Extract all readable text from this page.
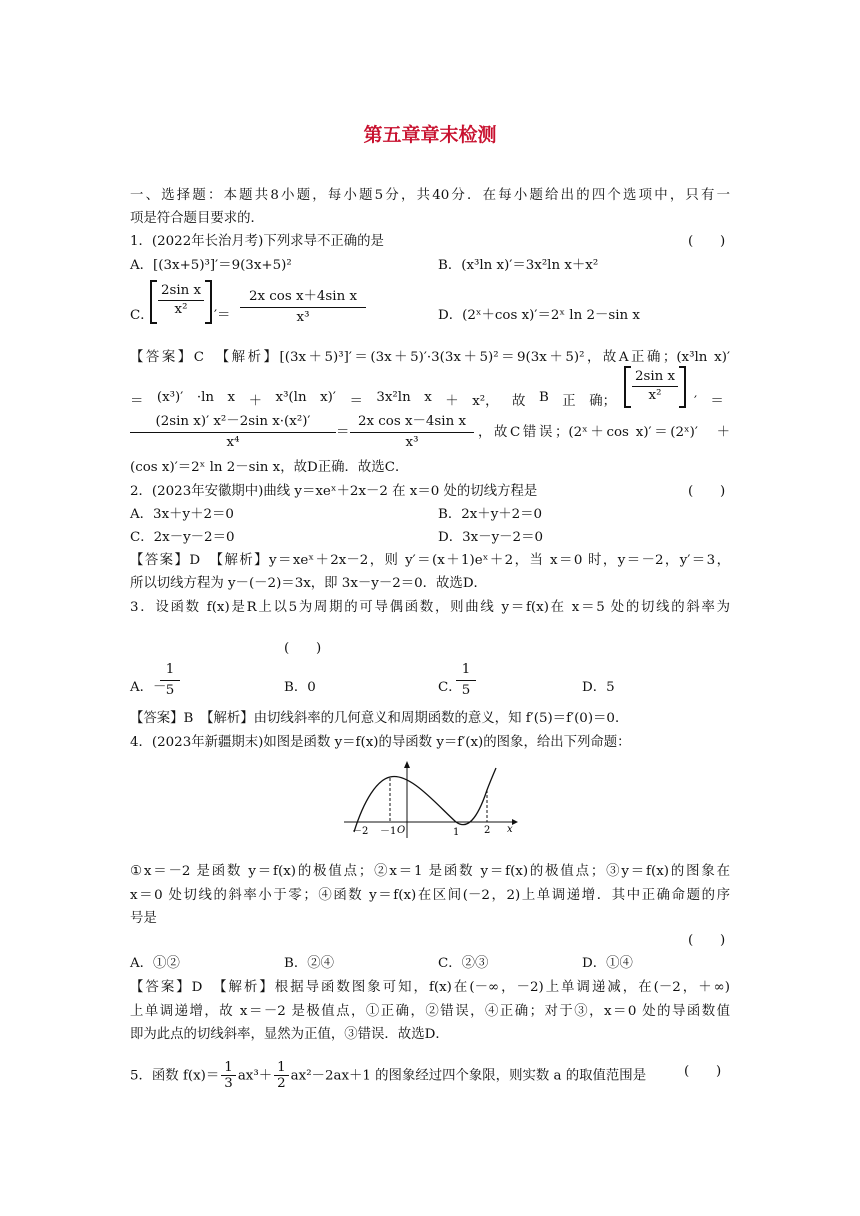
第五章章末检测
一、选择题：本题共8小题，每小题5分，共40分．在每小题给出的四个选项中，只有一
项是符合题目要求的．
1．(2022年长治月考)下列求导不正确的是	(　　)
A．[(3x+5)³]′＝9(3x+5)²	B．(x³ln x)′＝3x²ln x＋x²
C． $\frac{\text{2sin x}}{\text{x²}}$ ′＝ $\frac{\text{2x cos x＋4sin x}}{\text{x³}}$	D．(2ˣ＋cos x)′＝2ˣ ln 2－sin x
【答案】C　【解析】[(3x＋5)³]′＝(3x＋5)′·3(3x＋5)²＝9(3x＋5)²，故A正确；(x³ln x)′
＝ (x³)′ ·ln x ＋ x³(ln x)′ ＝ 3x²ln x ＋ x²， 故 B 正 确；
2sin x
x²	′　＝
$\frac{\text{(2sin x)′ x²－2sin x·(x²)′}}{\text{x⁴}} = \frac{\text{2x cos x－4sin x}}{\text{x³}}$ ，故C错误；(2ˣ＋cos x)′＝(2ˣ)′　＋
(cos x)′＝2ˣ ln 2－sin x，故D正确．故选C．
2．(2023年安徽期中)曲线 y＝xeˣ＋2x－2 在 x＝0 处的切线方程是	(　　)
A．3x＋y＋2＝0	B．2x＋y＋2＝0
C．2x－y－2＝0	D．3x－y－2＝0
【答案】D　【解析】y＝xeˣ＋2x－2，则 y′＝(x＋1)eˣ＋2，当 x＝0 时，y＝－2，y′＝3，
所以切线方程为 y－(－2)＝3x，即 3x－y－2＝0．故选D．
3．设函数 f(x)是R上以5为周期的可导偶函数，则曲线 y＝f(x)在 x＝5 处的切线的斜率为
(　　)
A．－
1
5	B．0	C．
1
5	D．5
【答案】B　【解析】由切线斜率的几何意义和周期函数的意义，知 f′(5)＝f′(0)＝0．
4．(2023年新疆期末)如图是函数 y＝f(x)的导函数 y＝f′(x)的图象，给出下列命题：
－2 －1 O	1 2 x
①x＝－2 是函数 y＝f(x)的极值点；②x＝1 是函数 y＝f(x)的极值点；③y＝f(x)的图象在
x＝0 处切线的斜率小于零；④函数 y＝f(x)在区间(－2，2)上单调递增．其中正确命题的序
号是
(　　)
A．①②	B．②④	C．②③	D．①④
【答案】D　【解析】根据导函数图象可知，f(x)在(－∞，－2)上单调递减，在(－2，＋∞)
上单调递增，故 x＝－2 是极值点，①正确，②错误，④正确；对于③，x＝0 处的导函数值
即为此点的切线斜率，显然为正值，③错误．故选D．
5．函数 $f(x)= \frac{1}{3} ax^3+ \frac{1}{2} ax^2-2ax+1$ 的图象经过四个象限，则实数 a 的取值范围是	(　　)
